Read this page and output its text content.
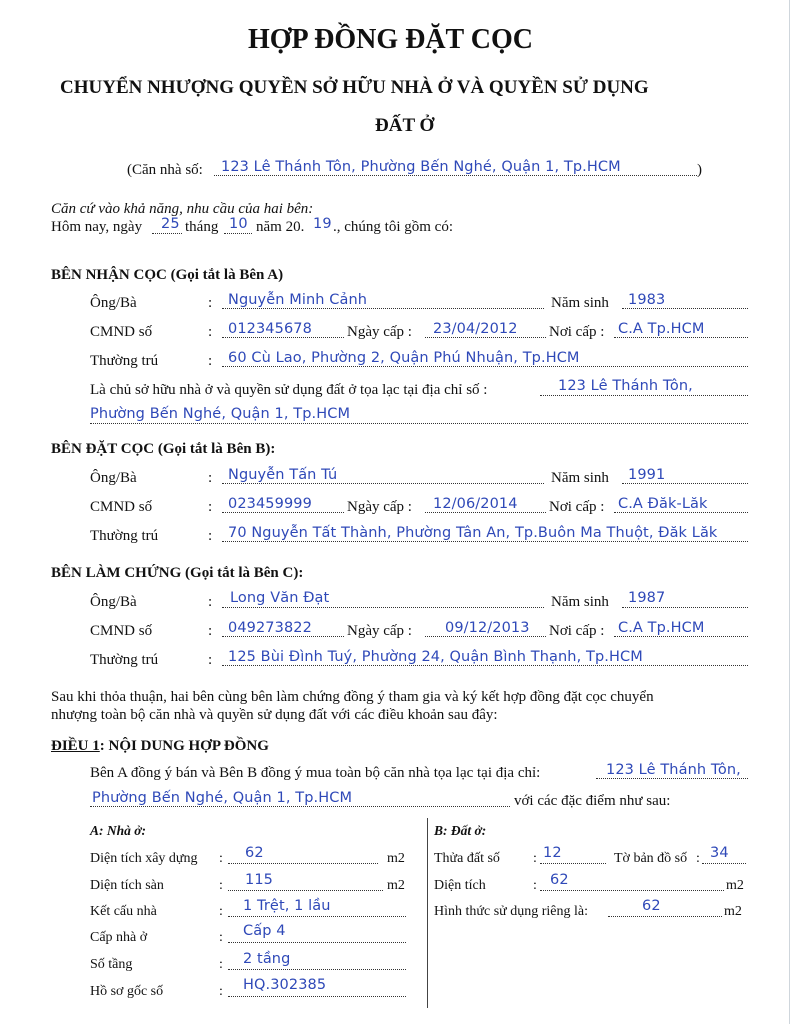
HỢP ĐỒNG ĐẶT CỌC
CHUYỂN NHƯỢNG QUYỀN SỞ HỮU NHÀ Ở VÀ QUYỀN SỬ DỤNG
ĐẤT Ở
(Căn nhà số: 123 Lê Thánh Tôn, Phường Bến Nghé, Quận 1, Tp.HCM	)
Căn cứ vào khả năng, nhu cầu của hai bên:
Hôm nay, ngày 25 tháng 10 năm 20. 19 ., chúng tôi gồm có:
BÊN NHẬN CỌC (Gọi tắt là Bên A)
Ông/Bà	: Nguyễn Minh Cảnh	Năm sinh 1983
CMND số	: 012345678 Ngày cấp : 23/04/2012 Nơi cấp : C.A Tp.HCM
Thường trú	: 60 Cù Lao, Phường 2, Quận Phú Nhuận, Tp.HCM
Là chủ sở hữu nhà ở và quyền sử dụng đất ở tọa lạc tại địa chỉ số :	123 Lê Thánh Tôn,
Phường Bến Nghé, Quận 1, Tp.HCM
BÊN ĐẶT CỌC (Gọi tắt là Bên B):
Ông/Bà	: Nguyễn Tấn Tú	Năm sinh 1991
CMND số	: 023459999 Ngày cấp : 12/06/2014 Nơi cấp : C.A Đăk-Lăk
Thường trú	: 70 Nguyễn Tất Thành, Phường Tân An, Tp.Buôn Ma Thuột, Đăk Lăk
BÊN LÀM CHỨNG (Gọi tắt là Bên C):
Ông/Bà	: Long Văn Đạt	Năm sinh 1987
CMND số	: 049273822 Ngày cấp : 09/12/2013 Nơi cấp : C.A Tp.HCM
Thường trú	: 125 Bùi Đình Tuý, Phường 24, Quận Bình Thạnh, Tp.HCM
Sau khi thỏa thuận, hai bên cùng bên làm chứng đồng ý tham gia và ký kết hợp đồng đặt cọc chuyển
nhượng toàn bộ căn nhà và quyền sử dụng đất với các điều khoản sau đây:
ĐIỀU 1: NỘI DUNG HỢP ĐỒNG
Bên A đồng ý bán và Bên B đồng ý mua toàn bộ căn nhà tọa lạc tại địa chỉ:	123 Lê Thánh Tôn,
Phường Bến Nghé, Quận 1, Tp.HCM	với các đặc điểm như sau:
A: Nhà ở:
Diện tích xây dựng : 62	m2
Diện tích sàn	: 115	m2
Kết cấu nhà	: 1 Trệt, 1 lầu
Cấp nhà ở	: Cấp 4
Số tầng	: 2 tầng
Hồ sơ gốc số	: HQ.302385
B: Đất ở:
Thửa đất số : 12	Tờ bản đồ số : 34
Diện tích	: 62	m2
Hình thức sử dụng riêng là:	62	m2
